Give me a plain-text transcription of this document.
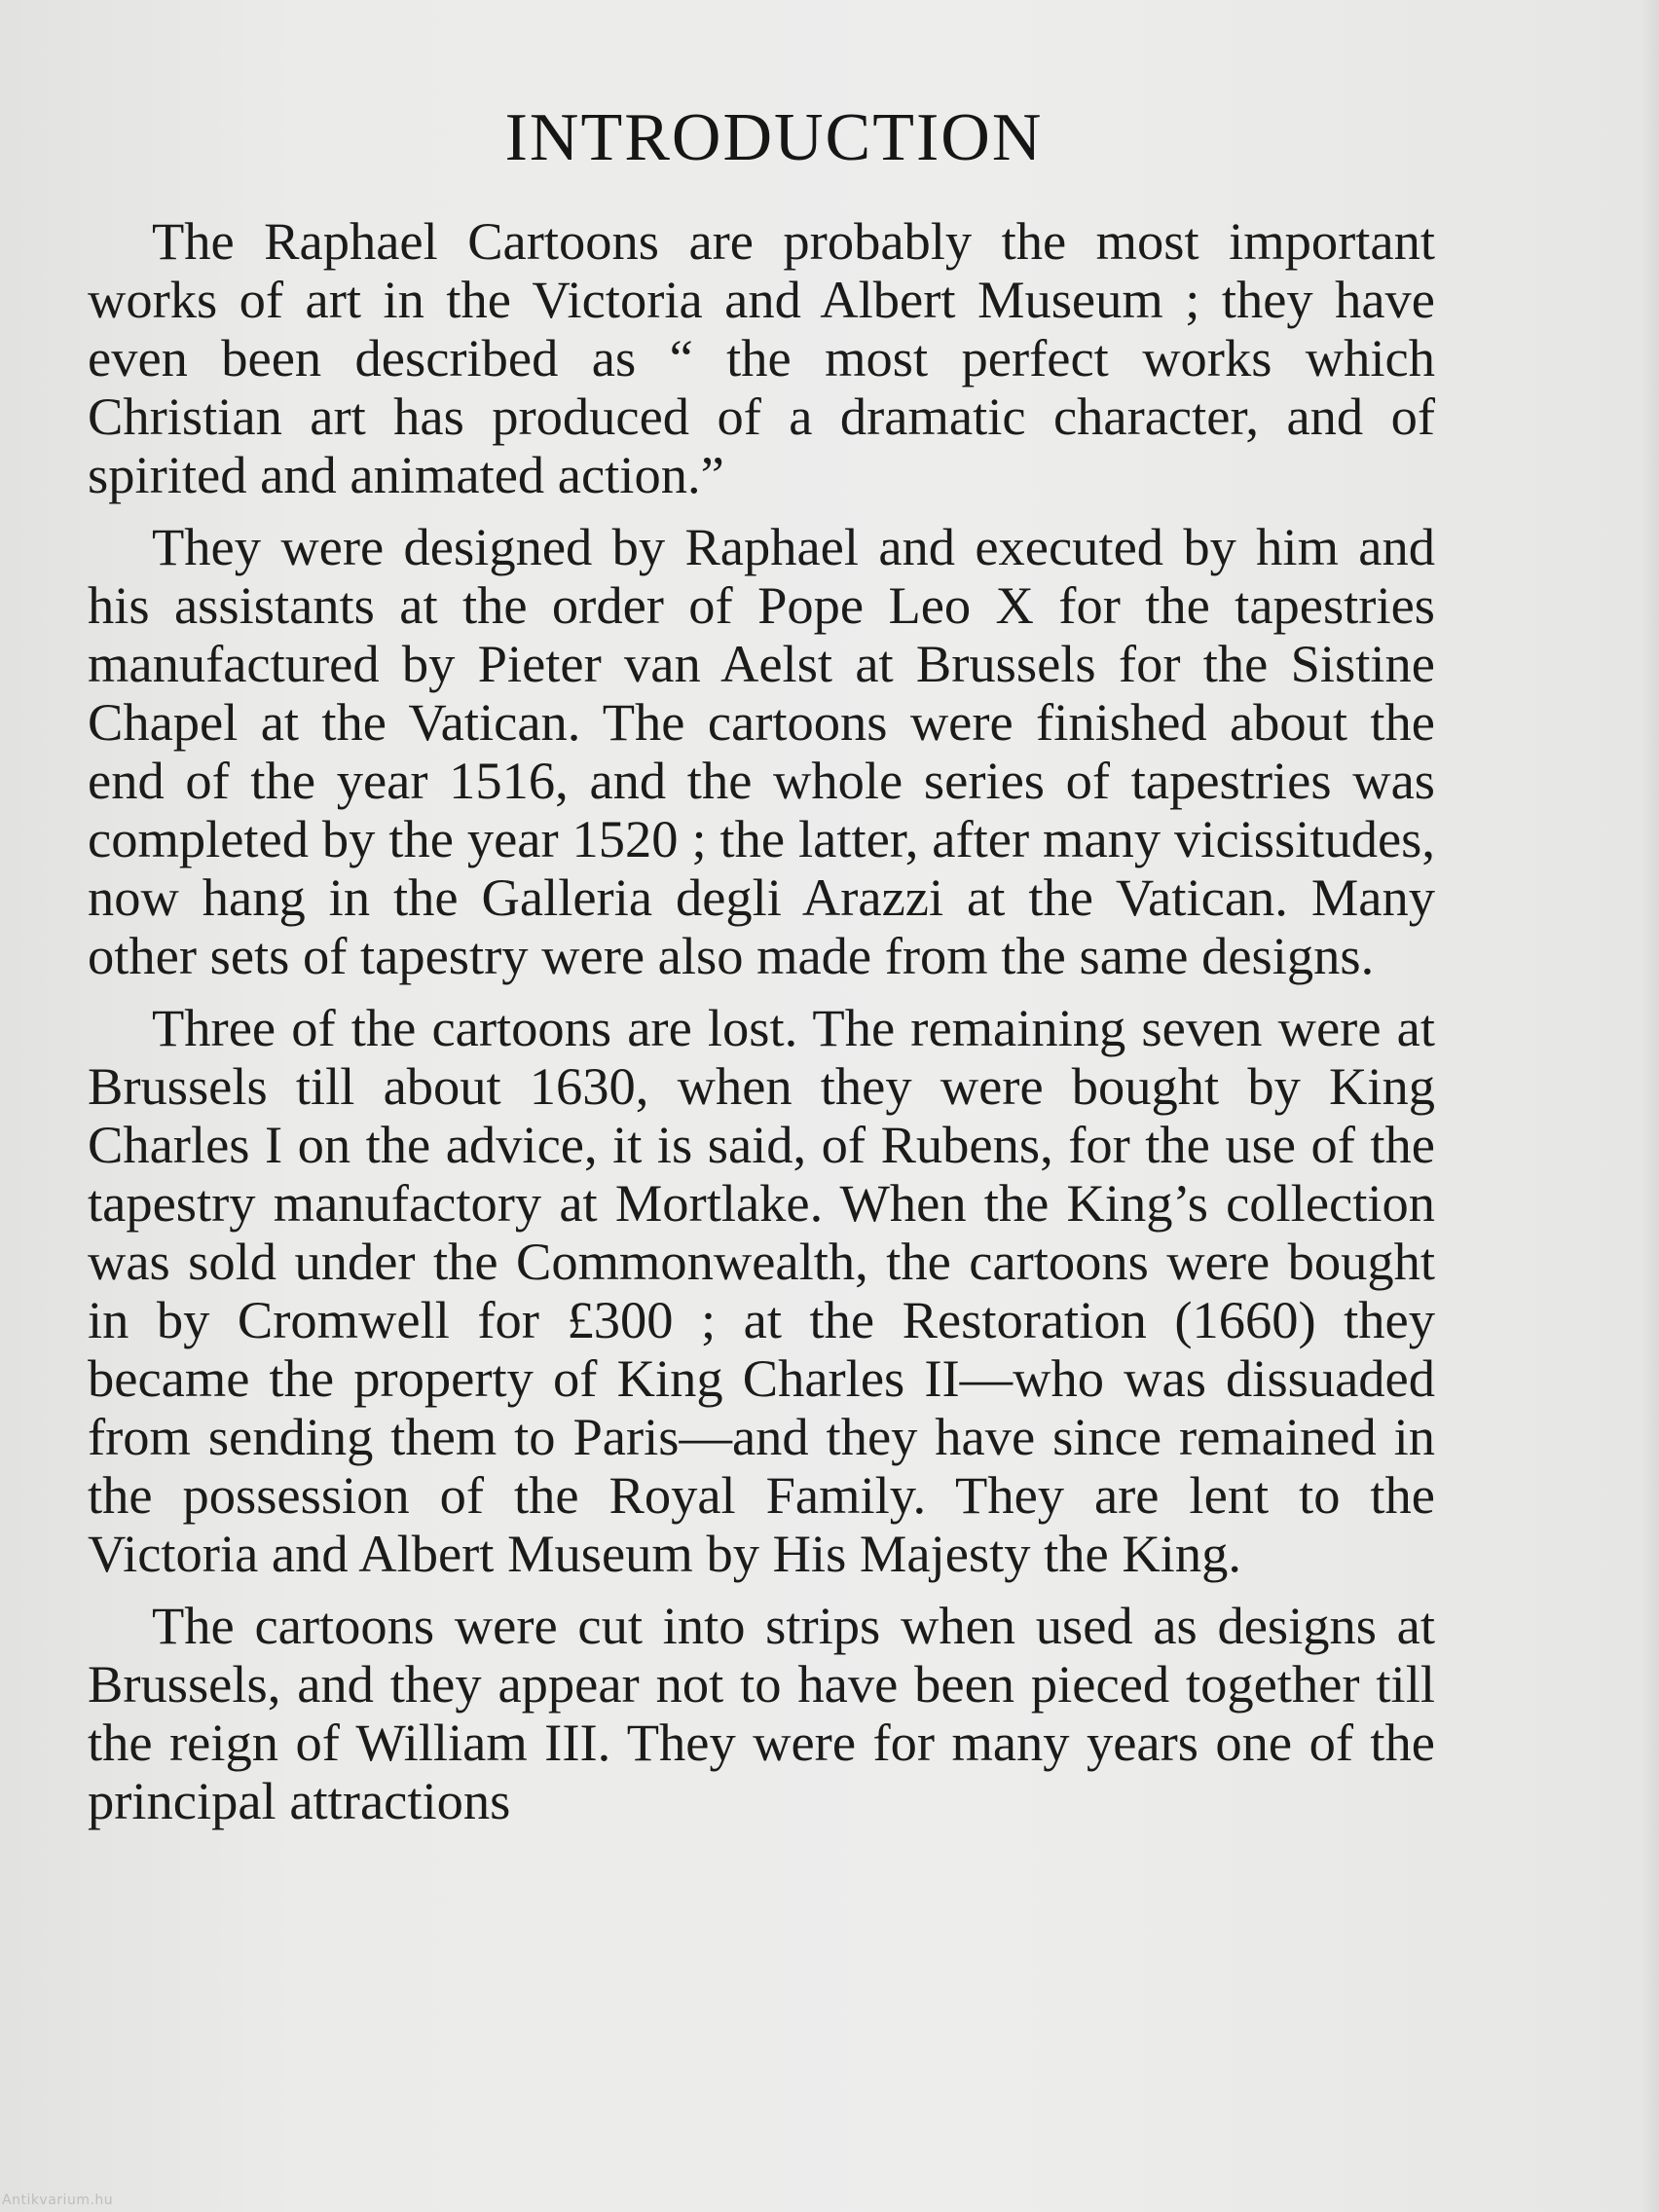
INTRODUCTION

The Raphael Cartoons are probably the most important works of art in the Victoria and Albert Museum ; they have even been described as “ the most perfect works which Christian art has produced of a dramatic character, and of spirited and animated action.”

They were designed by Raphael and executed by him and his assistants at the order of Pope Leo X for the tapestries manufactured by Pieter van Aelst at Brussels for the Sistine Chapel at the Vatican. The cartoons were finished about the end of the year 1516, and the whole series of tapestries was completed by the year 1520 ; the latter, after many vicissitudes, now hang in the Galleria degli Arazzi at the Vatican. Many other sets of tapestry were also made from the same designs.

Three of the cartoons are lost. The remaining seven were at Brussels till about 1630, when they were bought by King Charles I on the advice, it is said, of Rubens, for the use of the tapestry manufactory at Mortlake. When the King’s collection was sold under the Commonwealth, the cartoons were bought in by Cromwell for £300 ; at the Restoration (1660) they became the property of King Charles II—who was dissuaded from sending them to Paris—and they have since remained in the possession of the Royal Family. They are lent to the Victoria and Albert Museum by His Majesty the King.

The cartoons were cut into strips when used as designs at Brussels, and they appear not to have been pieced together till the reign of William III. They were for many years one of the principal attractions

Antikvarium.hu
